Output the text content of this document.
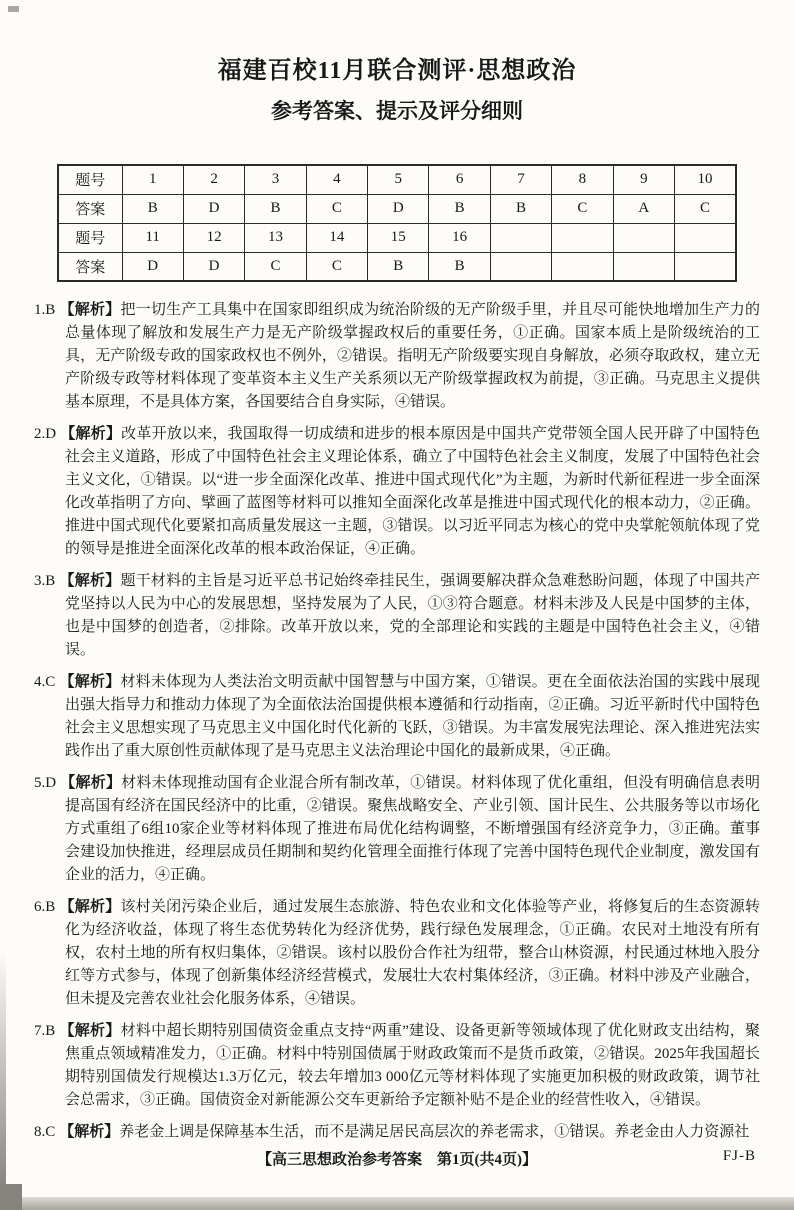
福建百校11月联合测评·思想政治
参考答案、提示及评分细则
题号	1	2	3	4	5	6	7	8	9	10
答案	B	D	B	C	D	B	B	C	A	C
题号	11	12	13	14	15	16				
答案	D	D	C	C	B	B				

1.B 【解析】把一切生产工具集中在国家即组织成为统治阶级的无产阶级手里，并且尽可能快地增加生产力的总量体现了解放和发展生产力是无产阶级掌握政权后的重要任务，①正确。国家本质上是阶级统治的工具，无产阶级专政的国家政权也不例外，②错误。指明无产阶级要实现自身解放，必须夺取政权，建立无产阶级专政等材料体现了变革资本主义生产关系须以无产阶级掌握政权为前提，③正确。马克思主义提供基本原理，不是具体方案，各国要结合自身实际，④错误。

2.D 【解析】改革开放以来，我国取得一切成绩和进步的根本原因是中国共产党带领全国人民开辟了中国特色社会主义道路，形成了中国特色社会主义理论体系，确立了中国特色社会主义制度，发展了中国特色社会主义文化，①错误。以“进一步全面深化改革、推进中国式现代化”为主题，为新时代新征程进一步全面深化改革指明了方向、擘画了蓝图等材料可以推知全面深化改革是推进中国式现代化的根本动力，②正确。推进中国式现代化要紧扣高质量发展这一主题，③错误。以习近平同志为核心的党中央掌舵领航体现了党的领导是推进全面深化改革的根本政治保证，④正确。

3.B 【解析】题干材料的主旨是习近平总书记始终牵挂民生，强调要解决群众急难愁盼问题，体现了中国共产党坚持以人民为中心的发展思想，坚持发展为了人民，①③符合题意。材料未涉及人民是中国梦的主体，也是中国梦的创造者，②排除。改革开放以来，党的全部理论和实践的主题是中国特色社会主义，④错误。

4.C 【解析】材料未体现为人类法治文明贡献中国智慧与中国方案，①错误。更在全面依法治国的实践中展现出强大指导力和推动力体现了为全面依法治国提供根本遵循和行动指南，②正确。习近平新时代中国特色社会主义思想实现了马克思主义中国化时代化新的飞跃，③错误。为丰富发展宪法理论、深入推进宪法实践作出了重大原创性贡献体现了是马克思主义法治理论中国化的最新成果，④正确。

5.D 【解析】材料未体现推动国有企业混合所有制改革，①错误。材料体现了优化重组，但没有明确信息表明提高国有经济在国民经济中的比重，②错误。聚焦战略安全、产业引领、国计民生、公共服务等以市场化方式重组了6组10家企业等材料体现了推进布局优化结构调整，不断增强国有经济竞争力，③正确。董事会建设加快推进，经理层成员任期制和契约化管理全面推行体现了完善中国特色现代企业制度，激发国有企业的活力，④正确。

6.B 【解析】该村关闭污染企业后，通过发展生态旅游、特色农业和文化体验等产业，将修复后的生态资源转化为经济收益，体现了将生态优势转化为经济优势，践行绿色发展理念，①正确。农民对土地没有所有权，农村土地的所有权归集体，②错误。该村以股份合作社为纽带，整合山林资源，村民通过林地入股分红等方式参与，体现了创新集体经济经营模式，发展壮大农村集体经济，③正确。材料中涉及产业融合，但未提及完善农业社会化服务体系，④错误。

7.B 【解析】材料中超长期特别国债资金重点支持“两重”建设、设备更新等领域体现了优化财政支出结构，聚焦重点领域精准发力，①正确。材料中特别国债属于财政政策而不是货币政策，②错误。2025年我国超长期特别国债发行规模达1.3万亿元，较去年增加3 000亿元等材料体现了实施更加积极的财政政策，调节社会总需求，③正确。国债资金对新能源公交车更新给予定额补贴不是企业的经营性收入，④错误。

8.C 【解析】养老金上调是保障基本生活，而不是满足居民高层次的养老需求，①错误。养老金由人力资源社

【高三思想政治参考答案　第1页(共4页)】	FJ-B
